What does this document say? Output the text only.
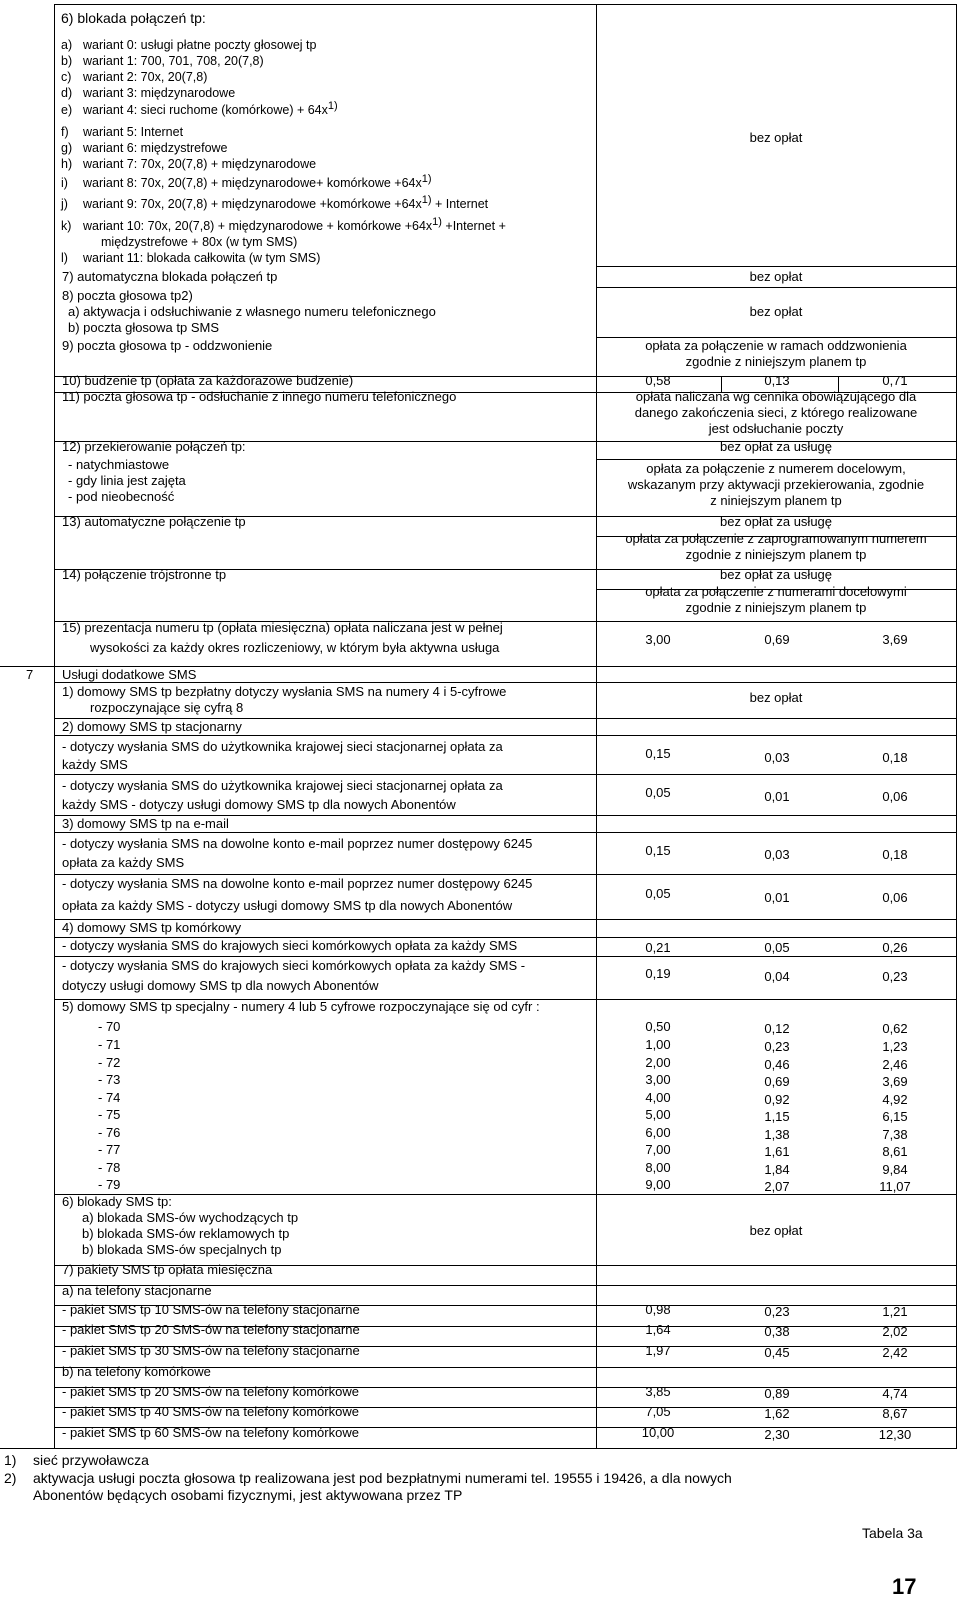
6) blokada połączeń tp:
a) wariant 0: usługi płatne poczty głosowej tp
b) wariant 1: 700, 701, 708, 20(7,8)
c) wariant 2: 70x, 20(7,8)
d) wariant 3: międzynarodowe
e) wariant 4: sieci ruchome (komórkowe) + 64x1)
f) wariant 5: Internet
g) wariant 6: międzystrefowe
h) wariant 7: 70x, 20(7,8) + międzynarodowe
i) wariant 8: 70x, 20(7,8) + międzynarodowe+ komórkowe +64x1)
j) wariant 9: 70x, 20(7,8) + międzynarodowe +komórkowe +64x1) + Internet
k) wariant 10: 70x, 20(7,8) + międzynarodowe + komórkowe +64x1) +Internet +
międzystrefowe + 80x (w tym SMS)
l) wariant 11: blokada całkowita (w tym SMS)
bez opłat
7) automatyczna blokada połączeń tp	bez opłat
8) poczta głosowa tp2)
a) aktywacja i odsłuchiwanie z własnego numeru telefonicznego	bez opłat
b) poczta głosowa tp SMS
9) poczta głosowa tp - oddzwonienie	opłata za połączenie w ramach oddzwonienia
zgodnie z niniejszym planem tp
10) budzenie tp (opłata za każdorazowe budzenie)	0,58	0,13	0,71
11) poczta głosowa tp - odsłuchanie z innego numeru telefonicznego	opłata naliczana wg cennika obowiązującego dla
danego zakończenia sieci, z którego realizowane
jest odsłuchanie poczty
12) przekierowanie połączeń tp:
- natychmiastowe
- gdy linia jest zajęta
- pod nieobecność
bez opłat za usługę
opłata za połączenie z numerem docelowym,
wskazanym przy aktywacji przekierowania, zgodnie
z niniejszym planem tp
13) automatyczne połączenie tp	bez opłat za usługę
opłata za połączenie z zaprogramowanym numerem
zgodnie z niniejszym planem tp
14) połączenie trójstronne tp	bez opłat za usługę
opłata za połączenie z numerami docelowymi
zgodnie z niniejszym planem tp
15) prezentacja numeru tp (opłata miesięczna) opłata naliczana jest w pełnej
wysokości za każdy okres rozliczeniowy, w którym była aktywna usługa
3,00	0,69	3,69
7 Usługi dodatkowe SMS
1) domowy SMS tp bezpłatny dotyczy wysłania SMS na numery 4 i 5-cyfrowe
rozpoczynające się cyfrą 8
bez opłat
2) domowy SMS tp stacjonarny
- dotyczy wysłania SMS do użytkownika krajowej sieci stacjonarnej opłata za
każdy SMS
0,15	0,03	0,18
- dotyczy wysłania SMS do użytkownika krajowej sieci stacjonarnej opłata za
każdy SMS - dotyczy usługi domowy SMS tp dla nowych Abonentów
0,05	0,01	0,06
3) domowy SMS tp na e-mail
- dotyczy wysłania SMS na dowolne konto e-mail poprzez numer dostępowy 6245
opłata za każdy SMS
0,15	0,03	0,18
- dotyczy wysłania SMS na dowolne konto e-mail poprzez numer dostępowy 6245
opłata za każdy SMS - dotyczy usługi domowy SMS tp dla nowych Abonentów
0,05	0,01	0,06
4) domowy SMS tp komórkowy
- dotyczy wysłania SMS do krajowych sieci komórkowych opłata za każdy SMS	0,21	0,05	0,26
- dotyczy wysłania SMS do krajowych sieci komórkowych opłata za każdy SMS -
dotyczy usługi domowy SMS tp dla nowych Abonentów
0,19	0,04	0,23
5) domowy SMS tp specjalny - numery 4 lub 5 cyfrowe rozpoczynające się od cyfr :
- 70	0,50	0,12	0,62
- 71	1,00	0,23	1,23
- 72	2,00	0,46	2,46
- 73	3,00	0,69	3,69
- 74	4,00	0,92	4,92
- 75	5,00	1,15	6,15
- 76	6,00	1,38	7,38
- 77	7,00	1,61	8,61
- 78	8,00	1,84	9,84
- 79	9,00	2,07	11,07
6) blokady SMS tp:
a) blokada SMS-ów wychodzących tp
b) blokada SMS-ów reklamowych tp
b) blokada SMS-ów specjalnych tp
bez opłat
7) pakiety SMS tp opłata miesięczna
a) na telefony stacjonarne
- pakiet SMS tp 10 SMS-ów na telefony stacjonarne	0,98	0,23	1,21
- pakiet SMS tp 20 SMS-ów na telefony stacjonarne	1,64	0,38	2,02
- pakiet SMS tp 30 SMS-ów na telefony stacjonarne	1,97	0,45	2,42
b) na telefony komórkowe
- pakiet SMS tp 20 SMS-ów na telefony komórkowe	3,85	0,89	4,74
- pakiet SMS tp 40 SMS-ów na telefony komórkowe	7,05	1,62	8,67
- pakiet SMS tp 60 SMS-ów na telefony komórkowe	10,00	2,30	12,30
1) sieć przywoławcza
2) aktywacja usługi poczta głosowa tp realizowana jest pod bezpłatnymi numerami tel. 19555 i 19426, a dla nowych
Abonentów będących osobami fizycznymi, jest aktywowana przez TP
Tabela 3a
17
